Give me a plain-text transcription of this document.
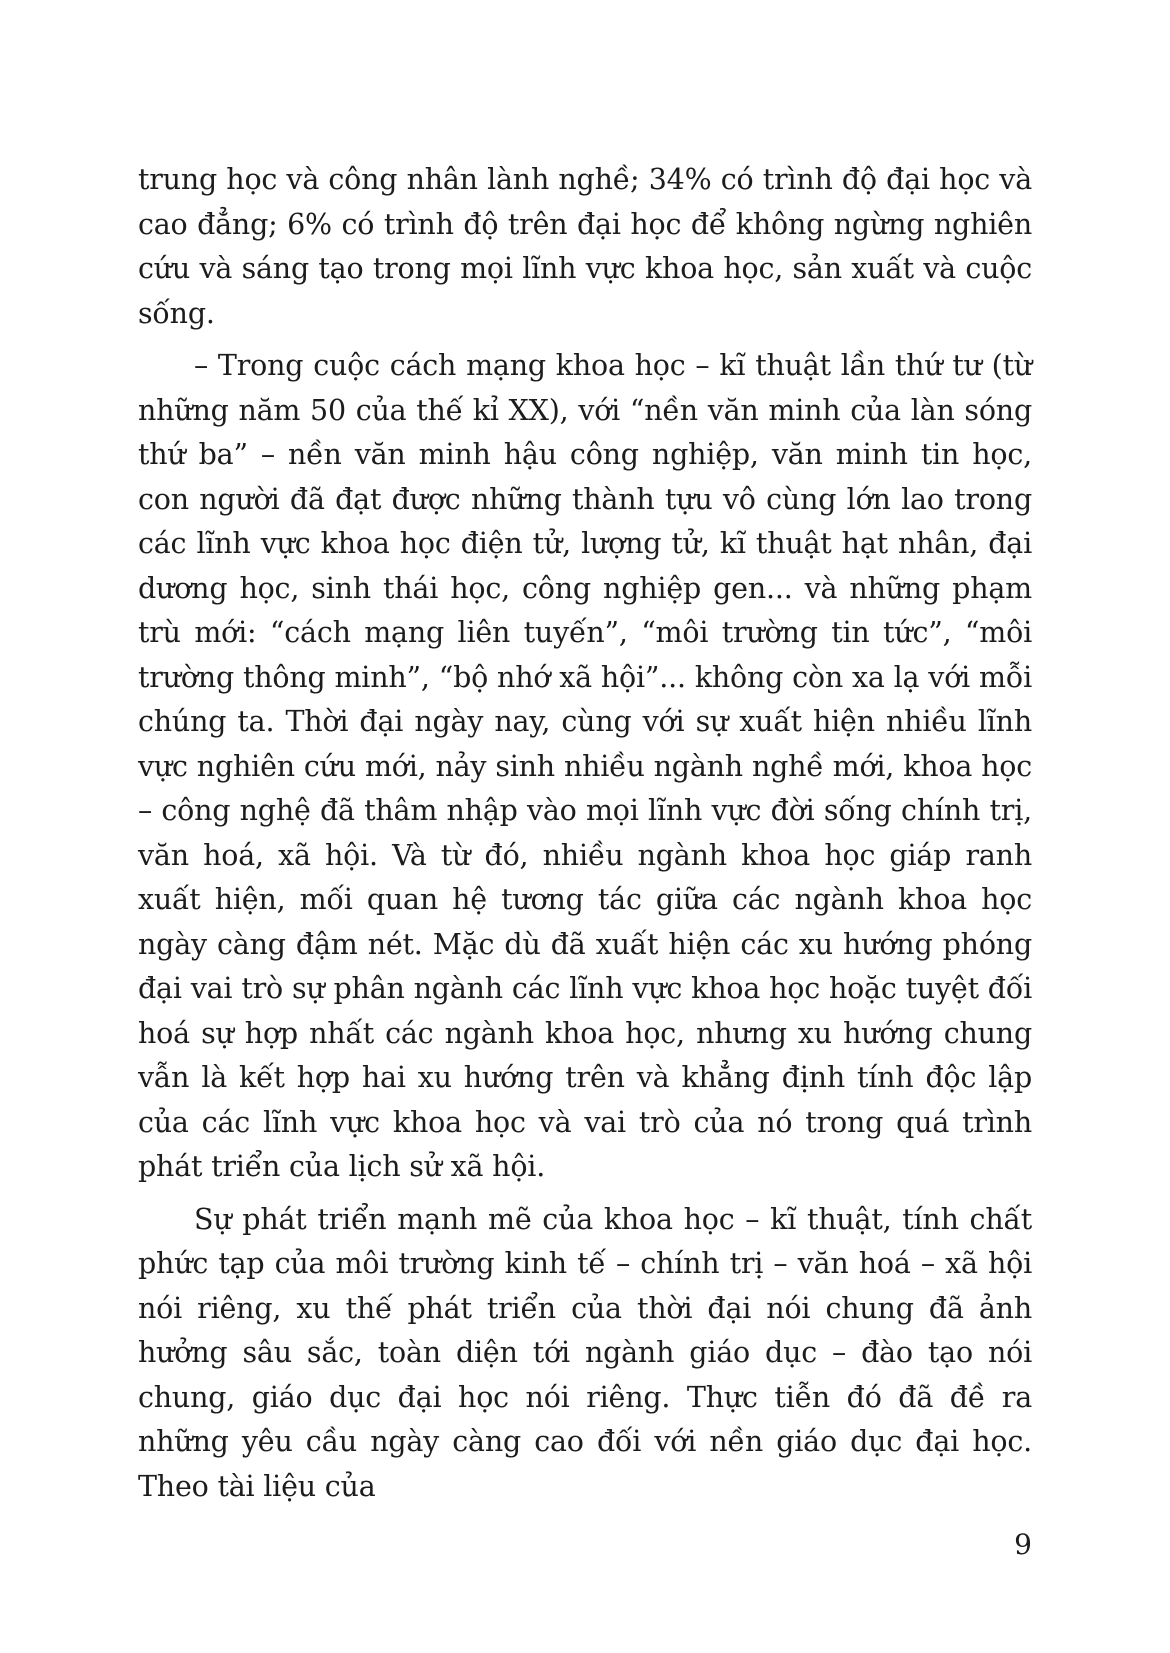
trung học và công nhân lành nghề; 34% có trình độ đại học và cao đẳng; 6% có trình độ trên đại học để không ngừng nghiên cứu và sáng tạo trong mọi lĩnh vực khoa học, sản xuất và cuộc sống.

– Trong cuộc cách mạng khoa học – kĩ thuật lần thứ tư (từ những năm 50 của thế kỉ XX), với “nền văn minh của làn sóng thứ ba” – nền văn minh hậu công nghiệp, văn minh tin học, con người đã đạt được những thành tựu vô cùng lớn lao trong các lĩnh vực khoa học điện tử, lượng tử, kĩ thuật hạt nhân, đại dương học, sinh thái học, công nghiệp gen... và những phạm trù mới: “cách mạng liên tuyến”, “môi trường tin tức”, “môi trường thông minh”, “bộ nhớ xã hội”... không còn xa lạ với mỗi chúng ta. Thời đại ngày nay, cùng với sự xuất hiện nhiều lĩnh vực nghiên cứu mới, nảy sinh nhiều ngành nghề mới, khoa học – công nghệ đã thâm nhập vào mọi lĩnh vực đời sống chính trị, văn hoá, xã hội. Và từ đó, nhiều ngành khoa học giáp ranh xuất hiện, mối quan hệ tương tác giữa các ngành khoa học ngày càng đậm nét. Mặc dù đã xuất hiện các xu hướng phóng đại vai trò sự phân ngành các lĩnh vực khoa học hoặc tuyệt đối hoá sự hợp nhất các ngành khoa học, nhưng xu hướng chung vẫn là kết hợp hai xu hướng trên và khẳng định tính độc lập của các lĩnh vực khoa học và vai trò của nó trong quá trình phát triển của lịch sử xã hội.

Sự phát triển mạnh mẽ của khoa học – kĩ thuật, tính chất phức tạp của môi trường kinh tế – chính trị – văn hoá – xã hội nói riêng, xu thế phát triển của thời đại nói chung đã ảnh hưởng sâu sắc, toàn diện tới ngành giáo dục – đào tạo nói chung, giáo dục đại học nói riêng. Thực tiễn đó đã đề ra những yêu cầu ngày càng cao đối với nền giáo dục đại học. Theo tài liệu của

9
